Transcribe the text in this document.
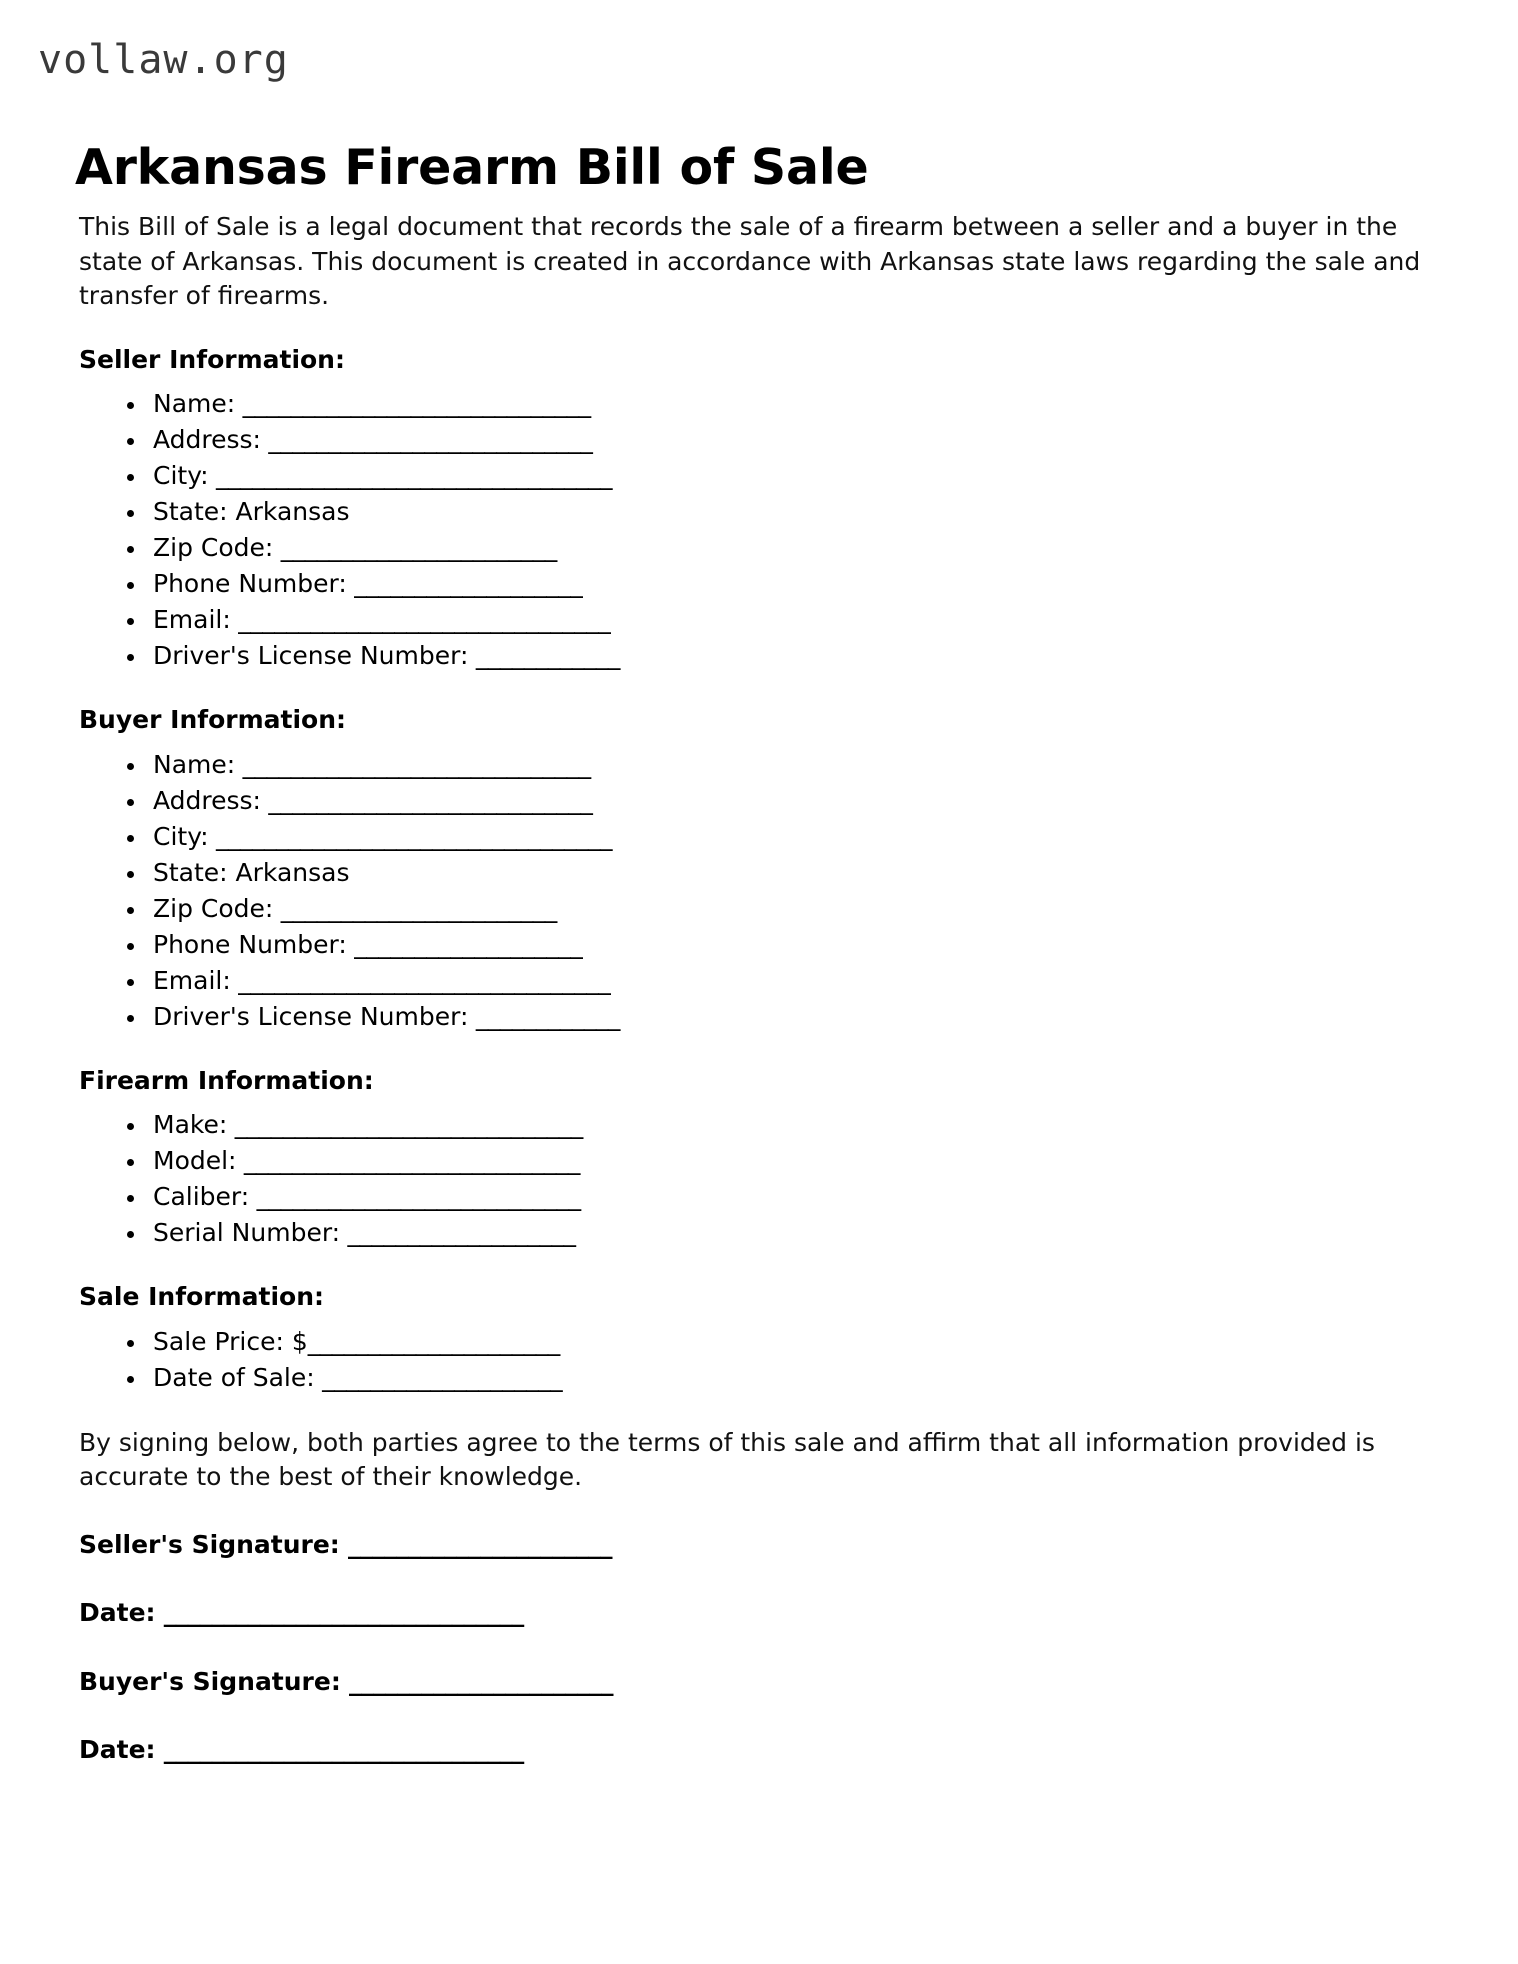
vollaw.org
Arkansas Firearm Bill of Sale

This Bill of Sale is a legal document that records the sale of a firearm between a seller and a buyer in the state of Arkansas. This document is created in accordance with Arkansas state laws regarding the sale and transfer of firearms.

Seller Information:
Name: _____________________________
Address: ___________________________
City: _________________________________
State: Arkansas
Zip Code: _______________________
Phone Number: ___________________
Email: _______________________________
Driver's License Number: ____________
Buyer Information:
Name: _____________________________
Address: ___________________________
City: _________________________________
State: Arkansas
Zip Code: _______________________
Phone Number: ___________________
Email: _______________________________
Driver's License Number: ____________
Firearm Information:
Make: _____________________________
Model: ____________________________
Caliber: ___________________________
Serial Number: ___________________
Sale Information:
Sale Price: $_____________________
Date of Sale: ____________________

By signing below, both parties agree to the terms of this sale and affirm that all information provided is accurate to the best of their knowledge.

Seller's Signature: ______________________
Date: ______________________________
Buyer's Signature: ______________________
Date: ______________________________
